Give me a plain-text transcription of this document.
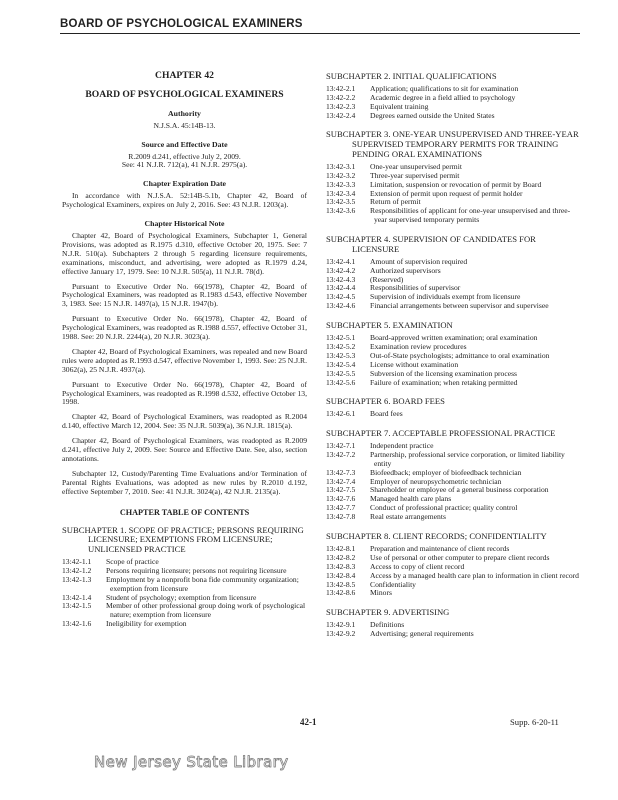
BOARD OF PSYCHOLOGICAL EXAMINERS
CHAPTER 42
BOARD OF PSYCHOLOGICAL EXAMINERS
Authority
N.J.S.A. 45:14B-13.
Source and Effective Date
R.2009 d.241, effective July 2, 2009.
See: 41 N.J.R. 712(a), 41 N.J.R. 2975(a).
Chapter Expiration Date
In accordance with N.J.S.A. 52:14B-5.1b, Chapter 42, Board of Psychological Examiners, expires on July 2, 2016. See: 43 N.J.R. 1203(a).
Chapter Historical Note
Chapter 42, Board of Psychological Examiners, Subchapter 1, General Provisions, was adopted as R.1975 d.310, effective October 20, 1975. See: 7 N.J.R. 510(a). Subchapters 2 through 5 regarding licensure requirements, examinations, misconduct, and advertising, were adopted as R.1979 d.24, effective January 17, 1979. See: 10 N.J.R. 505(a), 11 N.J.R. 78(d).
Pursuant to Executive Order No. 66(1978), Chapter 42, Board of Psychological Examiners, was readopted as R.1983 d.543, effective November 3, 1983. See: 15 N.J.R. 1497(a), 15 N.J.R. 1947(b).
Pursuant to Executive Order No. 66(1978), Chapter 42, Board of Psychological Examiners, was readopted as R.1988 d.557, effective October 31, 1988. See: 20 N.J.R. 2244(a), 20 N.J.R. 3023(a).
Chapter 42, Board of Psychological Examiners, was repealed and new Board rules were adopted as R.1993 d.547, effective November 1, 1993. See: 25 N.J.R. 3062(a), 25 N.J.R. 4937(a).
Pursuant to Executive Order No. 66(1978), Chapter 42, Board of Psychological Examiners, was readopted as R.1998 d.532, effective October 13, 1998.
Chapter 42, Board of Psychological Examiners, was readopted as R.2004 d.140, effective March 12, 2004. See: 35 N.J.R. 5039(a), 36 N.J.R. 1815(a).
Chapter 42, Board of Psychological Examiners, was readopted as R.2009 d.241, effective July 2, 2009. See: Source and Effective Date. See, also, section annotations.
Subchapter 12, Custody/Parenting Time Evaluations and/or Termination of Parental Rights Evaluations, was adopted as new rules by R.2010 d.192, effective September 7, 2010. See: 41 N.J.R. 3024(a), 42 N.J.R. 2135(a).
CHAPTER TABLE OF CONTENTS
SUBCHAPTER 1. SCOPE OF PRACTICE; PERSONS REQUIRING LICENSURE; EXEMPTIONS FROM LICENSURE; UNLICENSED PRACTICE
13:42-1.1	Scope of practice
13:42-1.2	Persons requiring licensure; persons not requiring licensure
13:42-1.3	Employment by a nonprofit bona fide community organization; exemption from licensure
13:42-1.4	Student of psychology; exemption from licensure
13:42-1.5	Member of other professional group doing work of psychological nature; exemption from licensure
13:42-1.6	Ineligibility for exemption
SUBCHAPTER 2. INITIAL QUALIFICATIONS
13:42-2.1	Application; qualifications to sit for examination
13:42-2.2	Academic degree in a field allied to psychology
13:42-2.3	Equivalent training
13:42-2.4	Degrees earned outside the United States
SUBCHAPTER 3. ONE-YEAR UNSUPERVISED AND THREE-YEAR SUPERVISED TEMPORARY PERMITS FOR TRAINING PENDING ORAL EXAMINATIONS
13:42-3.1	One-year unsupervised permit
13:42-3.2	Three-year supervised permit
13:42-3.3	Limitation, suspension or revocation of permit by Board
13:42-3.4	Extension of permit upon request of permit holder
13:42-3.5	Return of permit
13:42-3.6	Responsibilities of applicant for one-year unsupervised and three-year supervised temporary permits
SUBCHAPTER 4. SUPERVISION OF CANDIDATES FOR LICENSURE
13:42-4.1	Amount of supervision required
13:42-4.2	Authorized supervisors
13:42-4.3	(Reserved)
13:42-4.4	Responsibilities of supervisor
13:42-4.5	Supervision of individuals exempt from licensure
13:42-4.6	Financial arrangements between supervisor and supervisee
SUBCHAPTER 5. EXAMINATION
13:42-5.1	Board-approved written examination; oral examination
13:42-5.2	Examination review procedures
13:42-5.3	Out-of-State psychologists; admittance to oral examination
13:42-5.4	License without examination
13:42-5.5	Subversion of the licensing examination process
13:42-5.6	Failure of examination; when retaking permitted
SUBCHAPTER 6. BOARD FEES
13:42-6.1	Board fees
SUBCHAPTER 7. ACCEPTABLE PROFESSIONAL PRACTICE
13:42-7.1	Independent practice
13:42-7.2	Partnership, professional service corporation, or limited liability entity
13:42-7.3	Biofeedback; employer of biofeedback technician
13:42-7.4	Employer of neuropsychometric technician
13:42-7.5	Shareholder or employee of a general business corporation
13:42-7.6	Managed health care plans
13:42-7.7	Conduct of professional practice; quality control
13:42-7.8	Real estate arrangements
SUBCHAPTER 8. CLIENT RECORDS; CONFIDENTIALITY
13:42-8.1	Preparation and maintenance of client records
13:42-8.2	Use of personal or other computer to prepare client records
13:42-8.3	Access to copy of client record
13:42-8.4	Access by a managed health care plan to information in client record
13:42-8.5	Confidentiality
13:42-8.6	Minors
SUBCHAPTER 9. ADVERTISING
13:42-9.1	Definitions
13:42-9.2	Advertising; general requirements
42-1	Supp. 6-20-11
New Jersey State Library
